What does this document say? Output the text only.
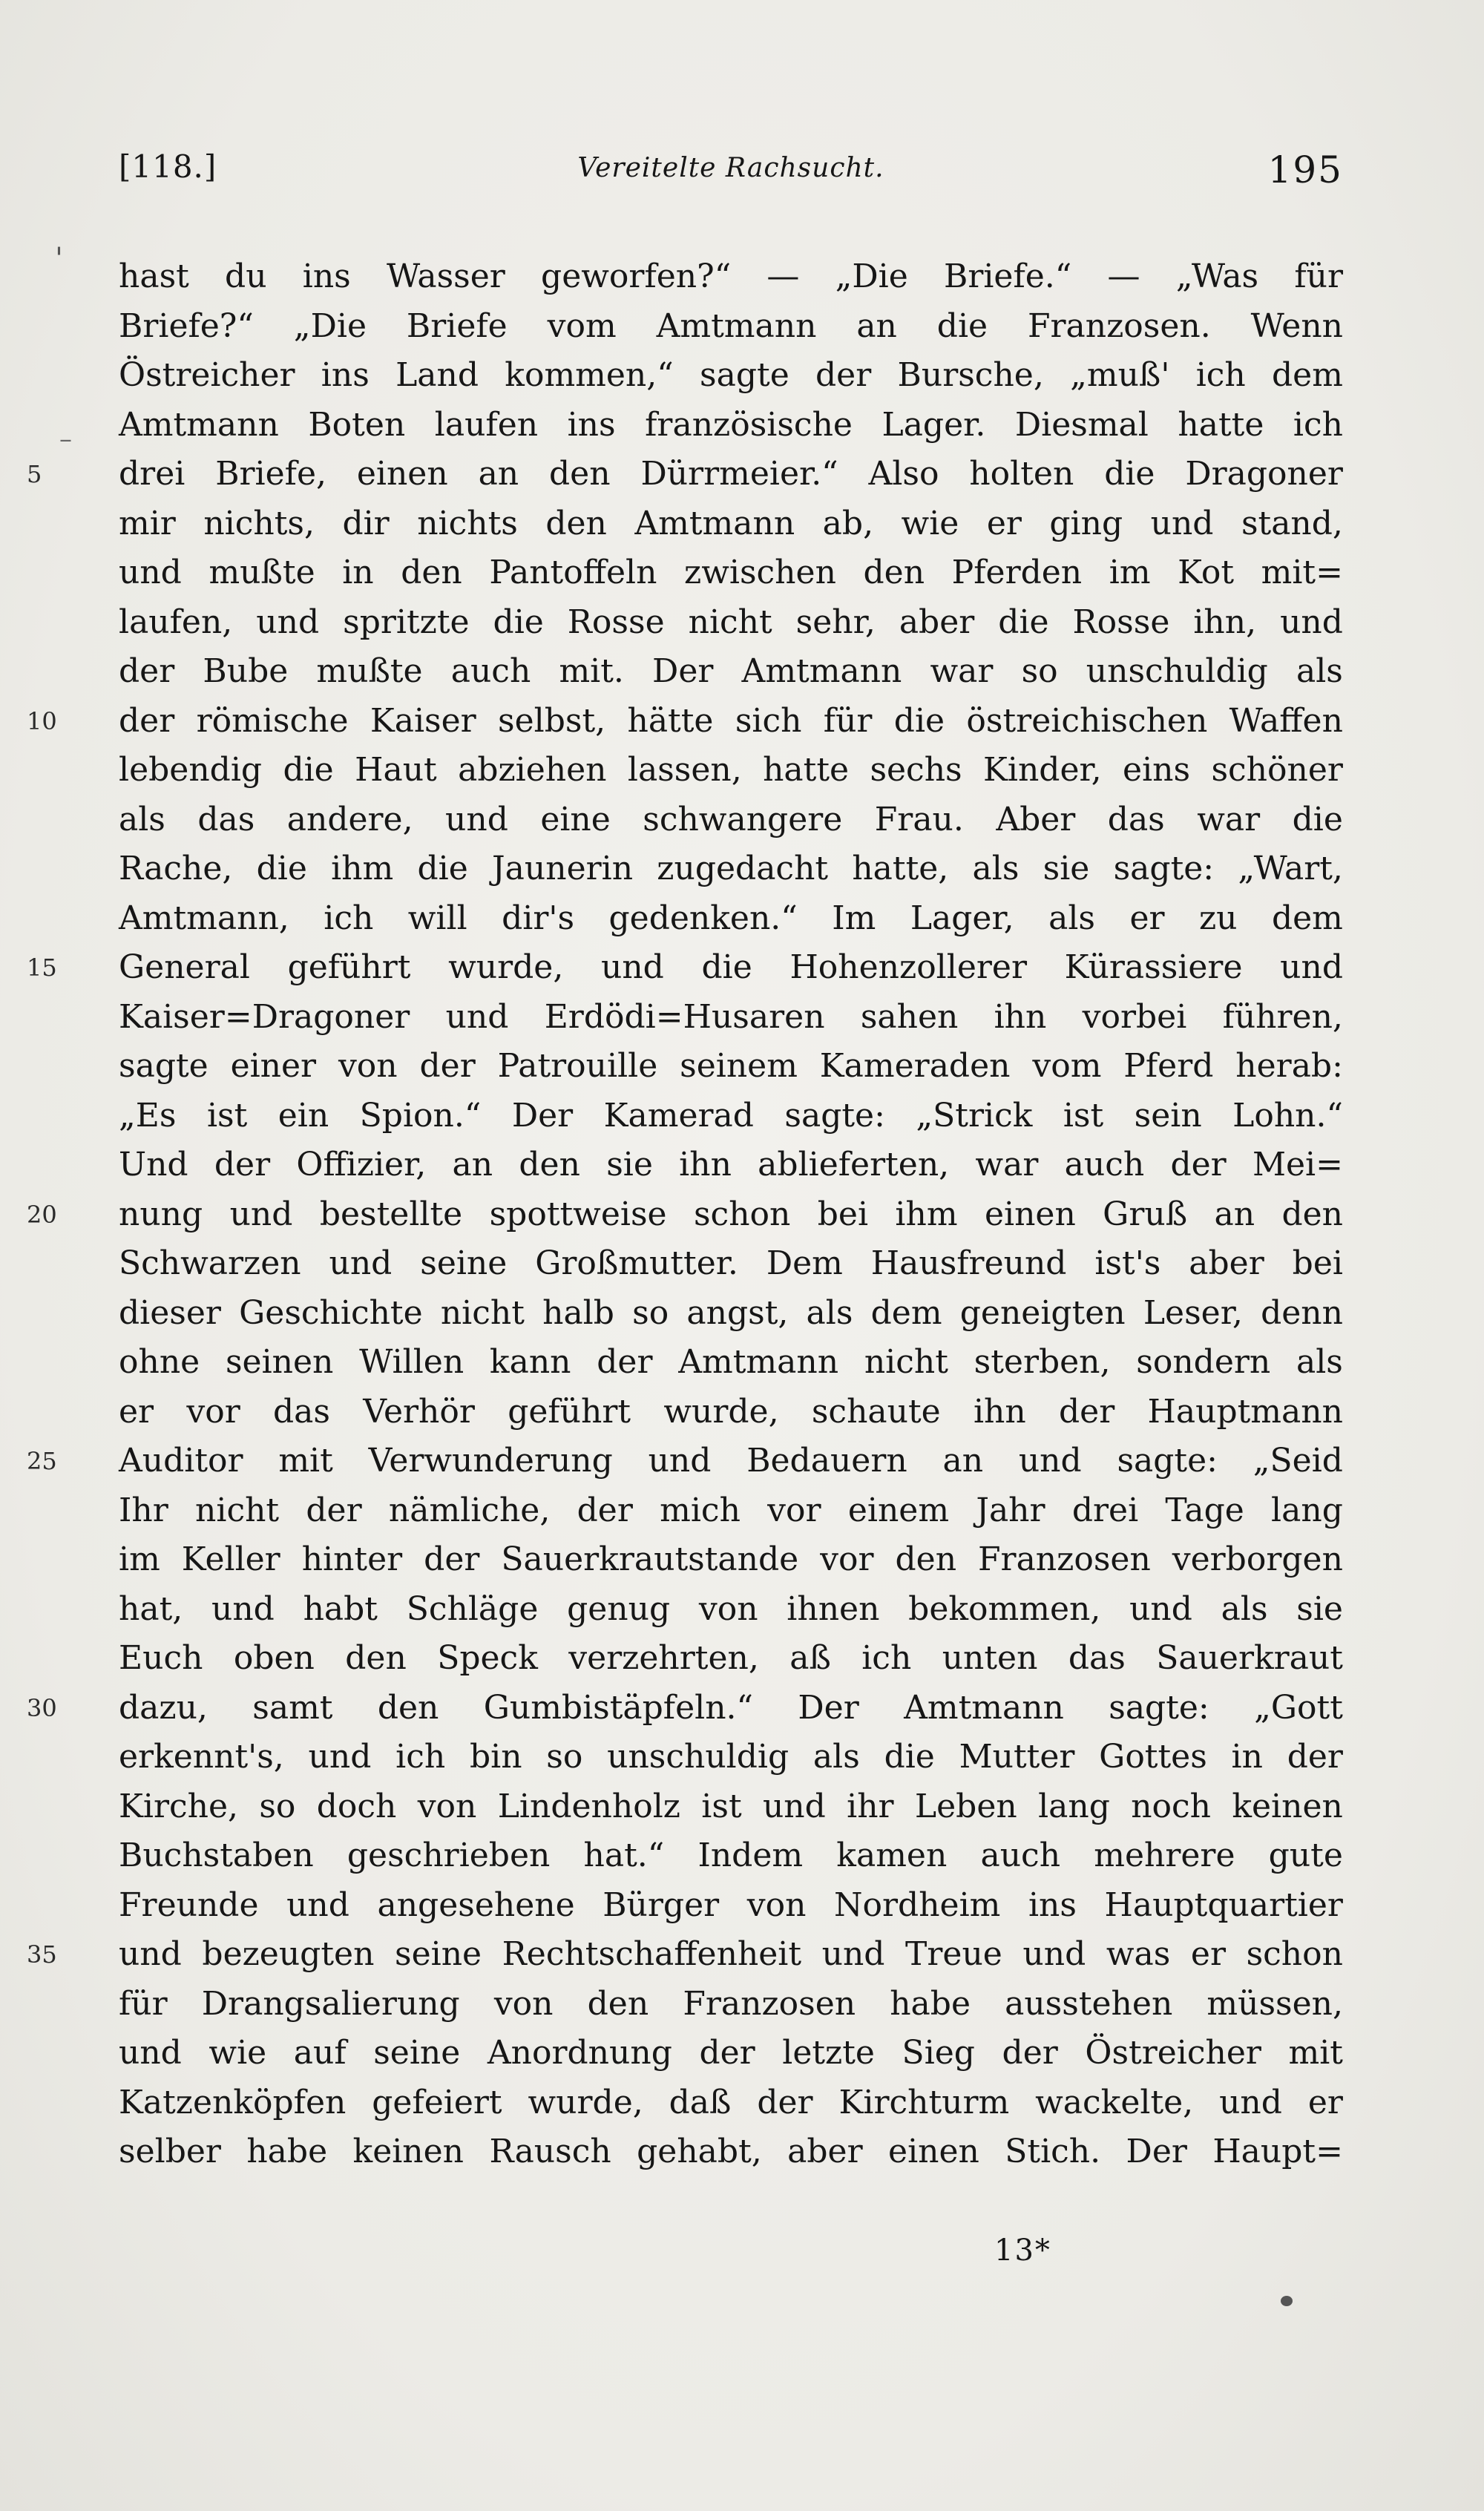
[118.]	Vereitelte Rachsucht.	195
'
–
hast du ins Wasser geworfen?“ — „Die Briefe.“ — „Was für
Briefe?“ „Die Briefe vom Amtmann an die Franzosen. Wenn
Östreicher ins Land kommen,“ sagte der Bursche, „muß' ich dem
Amtmann Boten laufen ins französische Lager. Diesmal hatte ich
5	drei Briefe, einen an den Dürrmeier.“ Also holten die Dragoner
mir nichts, dir nichts den Amtmann ab, wie er ging und stand,
und mußte in den Pantoffeln zwischen den Pferden im Kot mit=
laufen, und spritzte die Rosse nicht sehr, aber die Rosse ihn, und
der Bube mußte auch mit. Der Amtmann war so unschuldig als
10	der römische Kaiser selbst, hätte sich für die östreichischen Waffen
lebendig die Haut abziehen lassen, hatte sechs Kinder, eins schöner
als das andere, und eine schwangere Frau. Aber das war die
Rache, die ihm die Jaunerin zugedacht hatte, als sie sagte: „Wart,
Amtmann, ich will dir's gedenken.“ Im Lager, als er zu dem
15	General geführt wurde, und die Hohenzollerer Kürassiere und
Kaiser=Dragoner und Erdödi=Husaren sahen ihn vorbei führen,
sagte einer von der Patrouille seinem Kameraden vom Pferd herab:
„Es ist ein Spion.“ Der Kamerad sagte: „Strick ist sein Lohn.“
Und der Offizier, an den sie ihn ablieferten, war auch der Mei=
20	nung und bestellte spottweise schon bei ihm einen Gruß an den
Schwarzen und seine Großmutter. Dem Hausfreund ist's aber bei
dieser Geschichte nicht halb so angst, als dem geneigten Leser, denn
ohne seinen Willen kann der Amtmann nicht sterben, sondern als
er vor das Verhör geführt wurde, schaute ihn der Hauptmann
25	Auditor mit Verwunderung und Bedauern an und sagte: „Seid
Ihr nicht der nämliche, der mich vor einem Jahr drei Tage lang
im Keller hinter der Sauerkrautstande vor den Franzosen verborgen
hat, und habt Schläge genug von ihnen bekommen, und als sie
Euch oben den Speck verzehrten, aß ich unten das Sauerkraut
30	dazu, samt den Gumbistäpfeln.“ Der Amtmann sagte: „Gott
erkennt's, und ich bin so unschuldig als die Mutter Gottes in der
Kirche, so doch von Lindenholz ist und ihr Leben lang noch keinen
Buchstaben geschrieben hat.“ Indem kamen auch mehrere gute
Freunde und angesehene Bürger von Nordheim ins Hauptquartier
35	und bezeugten seine Rechtschaffenheit und Treue und was er schon
für Drangsalierung von den Franzosen habe ausstehen müssen,
und wie auf seine Anordnung der letzte Sieg der Östreicher mit
Katzenköpfen gefeiert wurde, daß der Kirchturm wackelte, und er
selber habe keinen Rausch gehabt, aber einen Stich. Der Haupt=
13*
